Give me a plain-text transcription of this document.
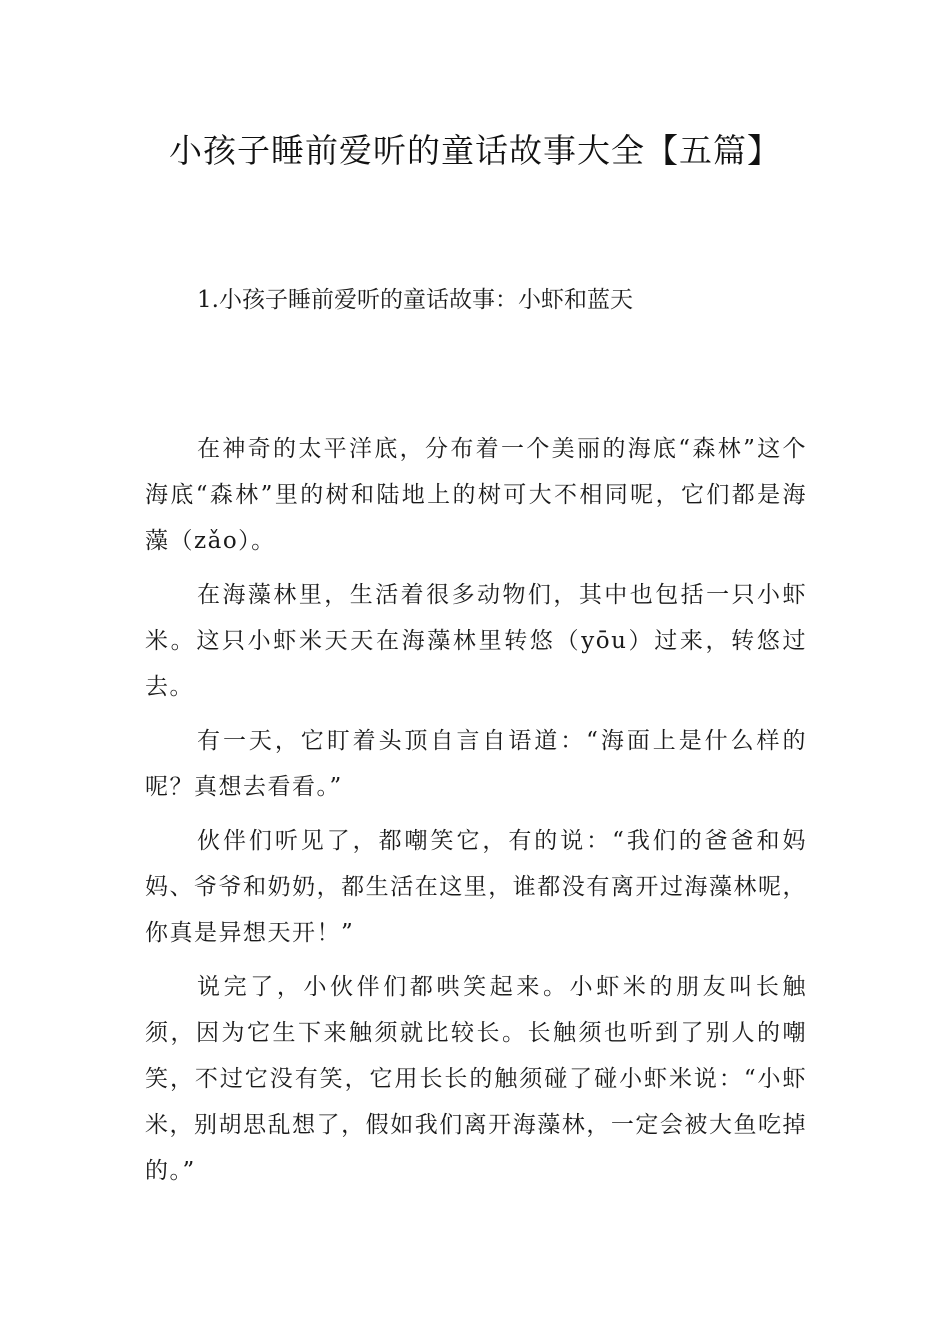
小孩子睡前爱听的童话故事大全【五篇】
1.小孩子睡前爱听的童话故事：小虾和蓝天

在神奇的太平洋底，分布着一个美丽的海底“森林”这个海底“森林”里的树和陆地上的树可大不相同呢，它们都是海藻（zǎo）。

在海藻林里，生活着很多动物们，其中也包括一只小虾米。这只小虾米天天在海藻林里转悠（yōu）过来，转悠过去。

有一天，它盯着头顶自言自语道：“海面上是什么样的呢？真想去看看。”

伙伴们听见了，都嘲笑它，有的说：“我们的爸爸和妈妈、爷爷和奶奶，都生活在这里，谁都没有离开过海藻林呢，你真是异想天开！”

说完了，小伙伴们都哄笑起来。小虾米的朋友叫长触须，因为它生下来触须就比较长。长触须也听到了别人的嘲笑，不过它没有笑，它用长长的触须碰了碰小虾米说：“小虾米，别胡思乱想了，假如我们离开海藻林，一定会被大鱼吃掉的。”
